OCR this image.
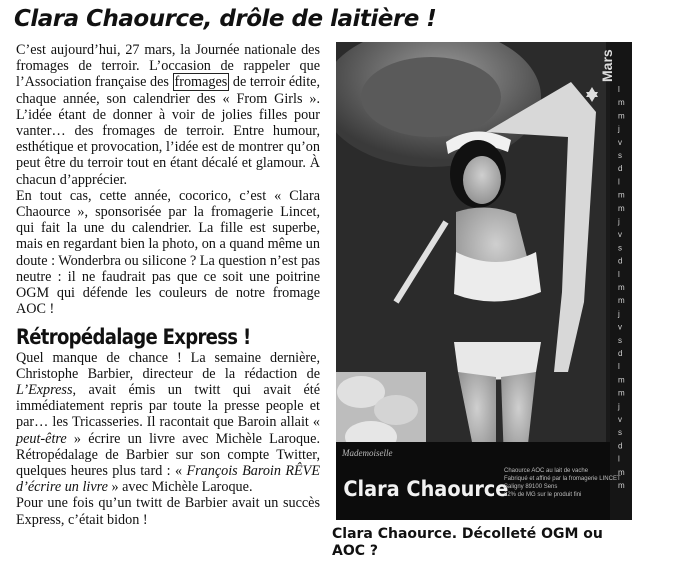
Clara Chaource, drôle de laitière !

C’est aujourd’hui, 27 mars, la Journée nationale des fromages de terroir. L’occasion de rappeler que l’Association française des fromages de terroir édite, chaque année, son calendrier des « From Girls ». L’idée étant de donner à voir de jolies filles pour vanter… des fromages de terroir. Entre humour, esthétique et provocation, l’idée est de montrer qu’on peut être du terroir tout en étant décalé et glamour. À chacun d’apprécier.

En tout cas, cette année, cocorico, c’est « Clara Chaource », sponsorisée par la fromagerie Lincet, qui fait la une du calendrier. La fille est superbe, mais en regardant bien la photo, on a quand même un doute : Wonderbra ou silicone ? La question n’est pas neutre : il ne faudrait pas que ce soit une poitrine OGM qui défende les couleurs de notre fromage AOC !

Rétropédalage Express !

Quel manque de chance ! La semaine dernière, Christophe Barbier, directeur de la rédaction de L’Express, avait émis un twitt qui avait été immédiatement repris par toute la presse people et par… les Tricasseries. Il racontait que Baroin allait « peut-être » écrire un livre avec Michèle Laroque. Rétropédalage de Barbier sur son compte Twitter, quelques heures plus tard : « François Baroin RÊVE d’écrire un livre » avec Michèle Laroque.

Pour une fois qu’un twitt de Barbier avait un succès Express, c’était bidon !

Mars
Mademoiselle
Clara Chaource
Chaource AOC au lait de vache
Fabriqué et affiné par la fromagerie LINCET
Saligny 89100 Sens
22% de MG sur le produit fini
l
m
m
j
v
s
d
l
m
m
j
v
s
d
l
m
m
j
v
s
d
l
m
m
j
v
s
d
l
m
m

Clara Chaource. Décolleté OGM ou AOC ?
